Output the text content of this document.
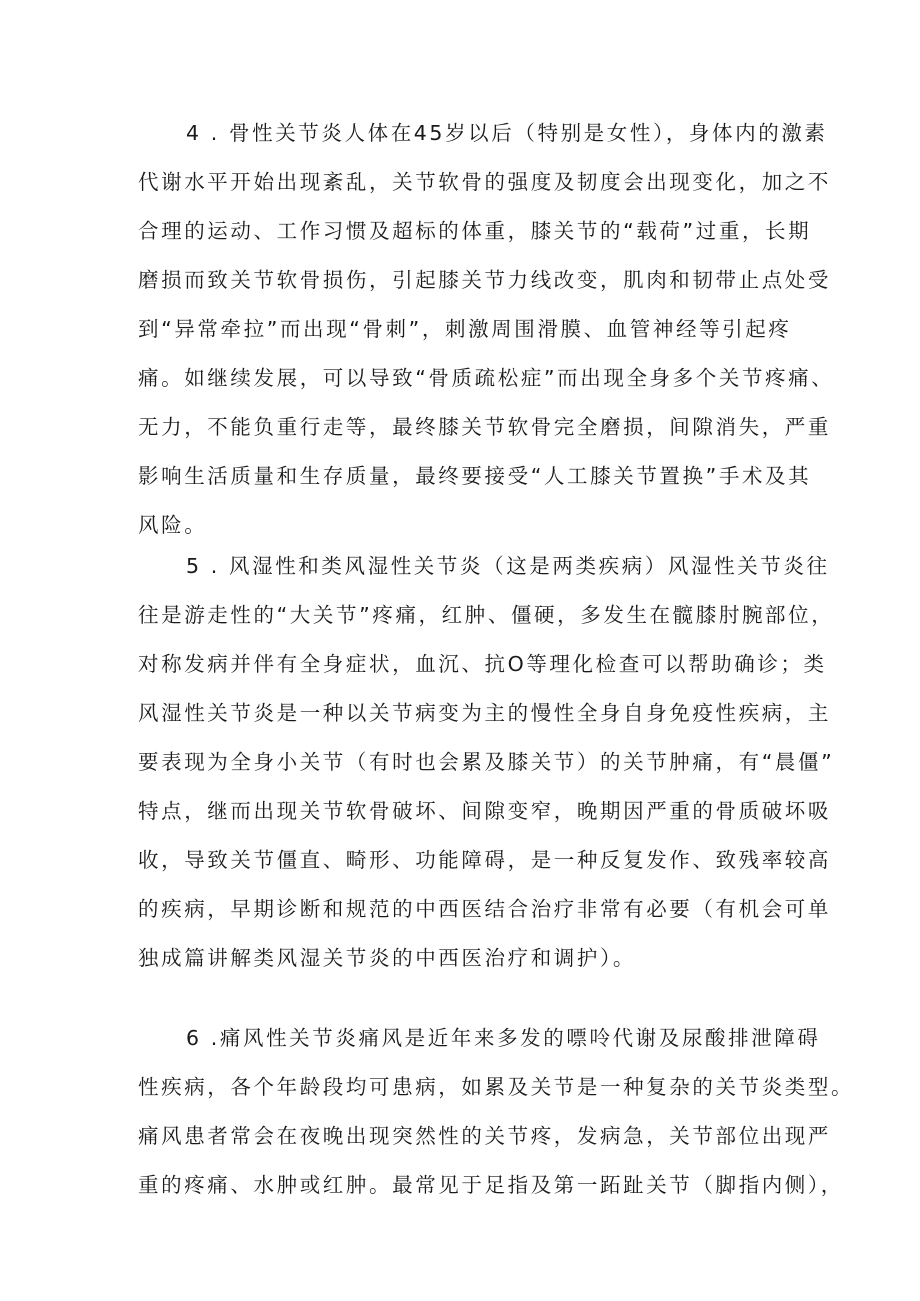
4 . 骨性关节炎人体在45岁以后（特别是女性），身体内的激素
代谢水平开始出现紊乱，关节软骨的强度及韧度会出现变化，加之不
合理的运动、工作习惯及超标的体重，膝关节的“载荷”过重，长期
磨损而致关节软骨损伤，引起膝关节力线改变，肌肉和韧带止点处受
到“异常牵拉”而出现“骨刺”，刺激周围滑膜、血管神经等引起疼
痛。如继续发展，可以导致“骨质疏松症”而出现全身多个关节疼痛、
无力，不能负重行走等，最终膝关节软骨完全磨损，间隙消失，严重
影响生活质量和生存质量，最终要接受“人工膝关节置换”手术及其
风险。
5 . 风湿性和类风湿性关节炎（这是两类疾病）风湿性关节炎往
往是游走性的“大关节”疼痛，红肿、僵硬，多发生在髋膝肘腕部位，
对称发病并伴有全身症状，血沉、抗O等理化检查可以帮助确诊；类
风湿性关节炎是一种以关节病变为主的慢性全身自身免疫性疾病，主
要表现为全身小关节（有时也会累及膝关节）的关节肿痛，有“晨僵”
特点，继而出现关节软骨破坏、间隙变窄，晚期因严重的骨质破坏吸
收，导致关节僵直、畸形、功能障碍，是一种反复发作、致残率较高
的疾病，早期诊断和规范的中西医结合治疗非常有必要（有机会可单
独成篇讲解类风湿关节炎的中西医治疗和调护）。
6 .痛风性关节炎痛风是近年来多发的嘌呤代谢及尿酸排泄障碍
性疾病，各个年龄段均可患病，如累及关节是一种复杂的关节炎类型。
痛风患者常会在夜晚出现突然性的关节疼，发病急，关节部位出现严
重的疼痛、水肿或红肿。最常见于足指及第一跖趾关节（脚指内侧），
